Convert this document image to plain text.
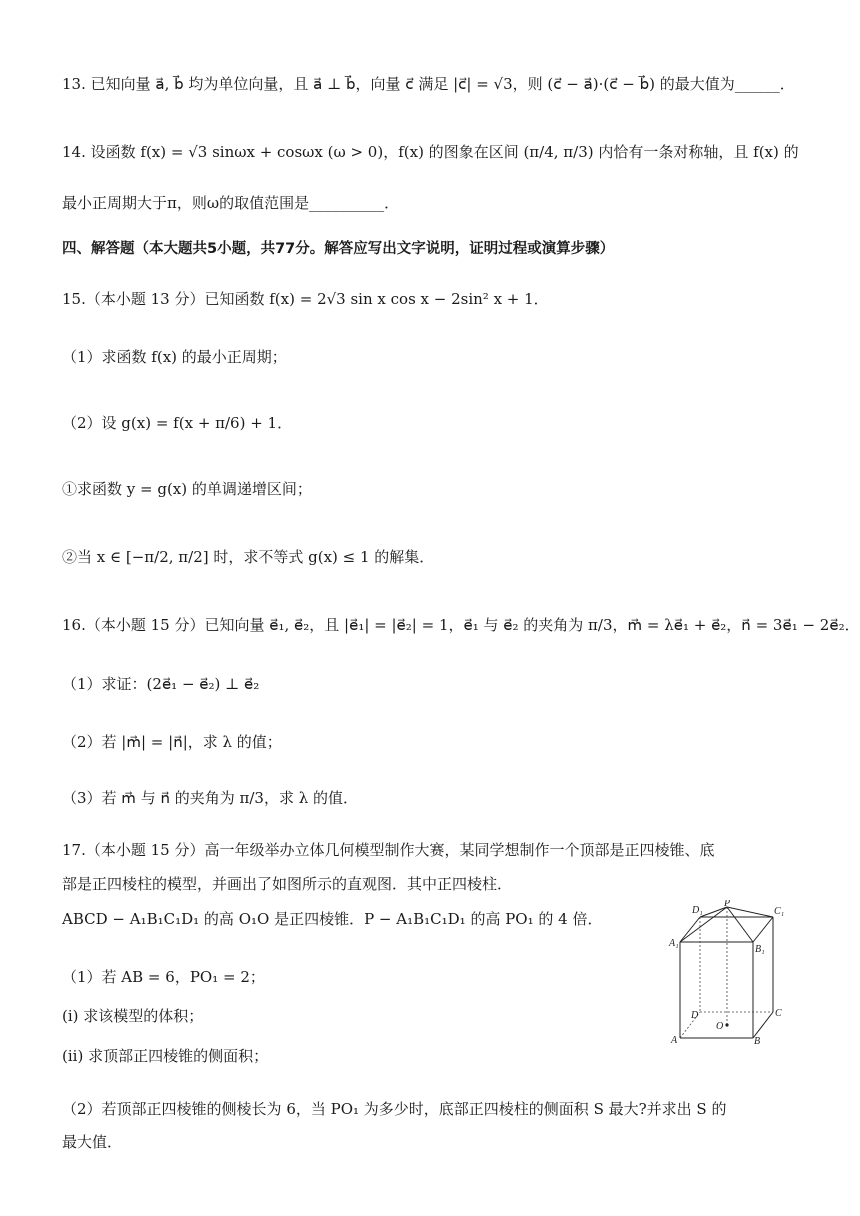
13. 已知向量 a⃗, b⃗ 均为单位向量，且 a⃗ ⊥ b⃗，向量 c⃗ 满足 |c⃗| = √3，则 (c⃗ − a⃗)·(c⃗ − b⃗) 的最大值为______．
14. 设函数 f(x) = √3 sinωx + cosωx (ω > 0)，f(x) 的图象在区间 (π/4, π/3) 内恰有一条对称轴，且 f(x) 的
最小正周期大于π，则ω的取值范围是__________．
四、解答题（本大题共5小题，共77分。解答应写出文字说明，证明过程或演算步骤）
15.（本小题 13 分）已知函数 f(x) = 2√3 sin x cos x − 2sin² x + 1．
（1）求函数 f(x) 的最小正周期；
（2）设 g(x) = f(x + π/6) + 1．
①求函数 y = g(x) 的单调递增区间；
②当 x ∈ [−π/2, π/2] 时，求不等式 g(x) ≤ 1 的解集．
16.（本小题 15 分）已知向量 e⃗₁, e⃗₂，且 |e⃗₁| = |e⃗₂| = 1，e⃗₁ 与 e⃗₂ 的夹角为 π/3，m⃗ = λe⃗₁ + e⃗₂，n⃗ = 3e⃗₁ − 2e⃗₂．
（1）求证：(2e⃗₁ − e⃗₂) ⊥ e⃗₂
（2）若 |m⃗| = |n⃗|，求 λ 的值；
（3）若 m⃗ 与 n⃗ 的夹角为 π/3，求 λ 的值．
17.（本小题 15 分）高一年级举办立体几何模型制作大赛，某同学想制作一个顶部是正四棱锥、底
部是正四棱柱的模型，并画出了如图所示的直观图．其中正四棱柱．
ABCD − A₁B₁C₁D₁ 的高 O₁O 是正四棱锥．P − A₁B₁C₁D₁ 的高 PO₁ 的 4 倍．
（1）若 AB = 6，PO₁ = 2；
(i) 求该模型的体积；
(ii) 求顶部正四棱锥的侧面积；
（2）若顶部正四棱锥的侧棱长为 6，当 PO₁ 为多少时，底部正四棱柱的侧面积 S 最大?并求出 S 的
最大值．
D₁
P
C₁
A₁
B₁
D	C
O
A	B
